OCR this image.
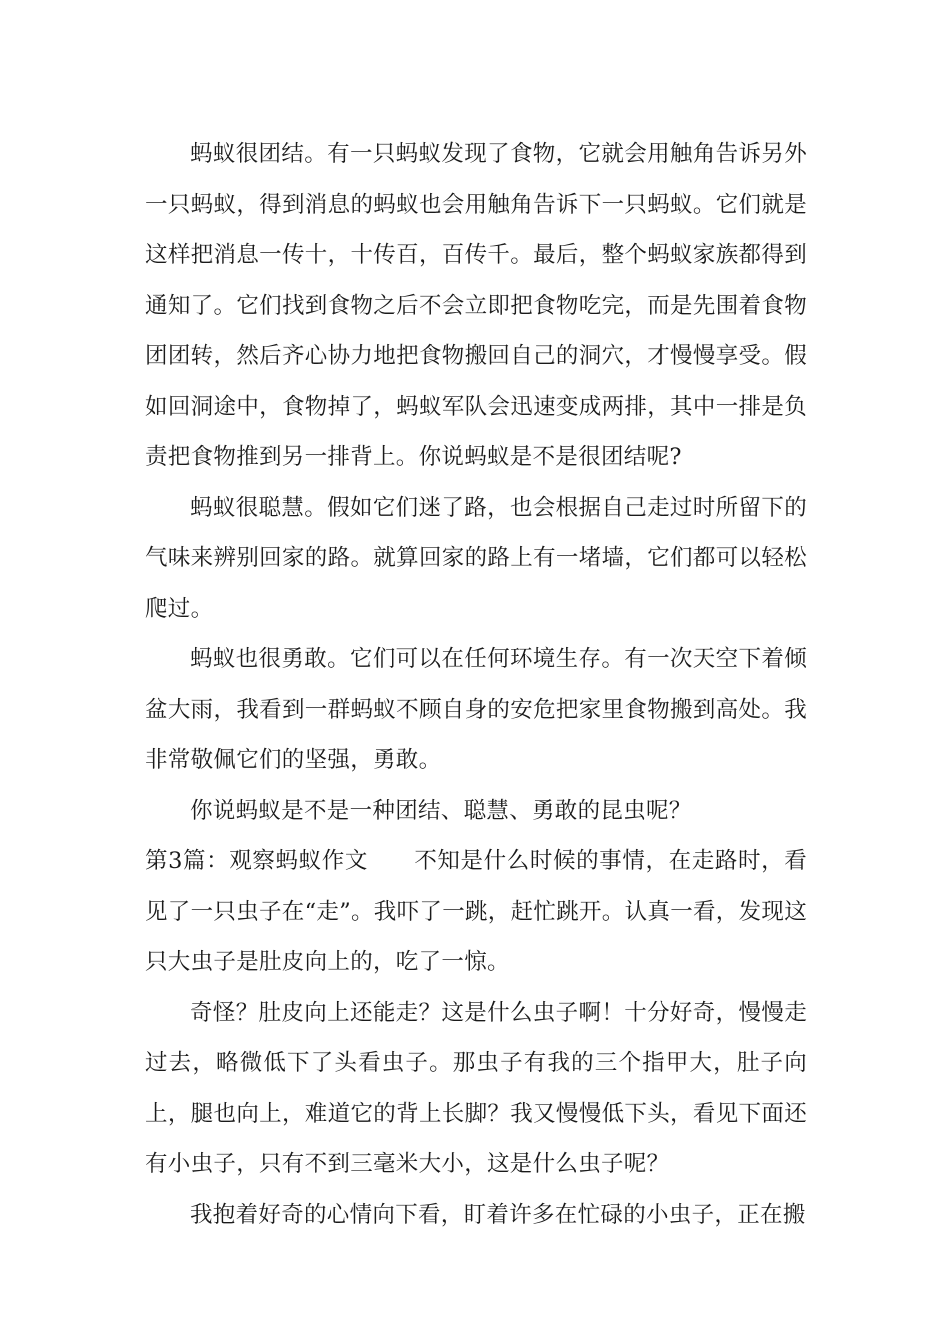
蚂蚁很团结。有一只蚂蚁发现了食物，它就会用触角告诉另外一只蚂蚁，得到消息的蚂蚁也会用触角告诉下一只蚂蚁。它们就是这样把消息一传十，十传百，百传千。最后，整个蚂蚁家族都得到通知了。它们找到食物之后不会立即把食物吃完，而是先围着食物团团转，然后齐心协力地把食物搬回自己的洞穴，才慢慢享受。假如回洞途中，食物掉了，蚂蚁军队会迅速变成两排，其中一排是负责把食物推到另一排背上。你说蚂蚁是不是很团结呢?

蚂蚁很聪慧。假如它们迷了路，也会根据自己走过时所留下的气味来辨别回家的路。就算回家的路上有一堵墙，它们都可以轻松爬过。

蚂蚁也很勇敢。它们可以在任何环境生存。有一次天空下着倾盆大雨，我看到一群蚂蚁不顾自身的安危把家里食物搬到高处。我非常敬佩它们的坚强，勇敢。

你说蚂蚁是不是一种团结、聪慧、勇敢的昆虫呢？

第3篇：观察蚂蚁作文 不知是什么时候的事情，在走路时，看见了一只虫子在“走”。我吓了一跳，赶忙跳开。认真一看，发现这只大虫子是肚皮向上的，吃了一惊。

奇怪？肚皮向上还能走？这是什么虫子啊！十分好奇，慢慢走过去，略微低下了头看虫子。那虫子有我的三个指甲大，肚子向上，腿也向上，难道它的背上长脚？我又慢慢低下头，看见下面还有小虫子，只有不到三毫米大小，这是什么虫子呢？

我抱着好奇的心情向下看，盯着许多在忙碌的小虫子，正在搬
